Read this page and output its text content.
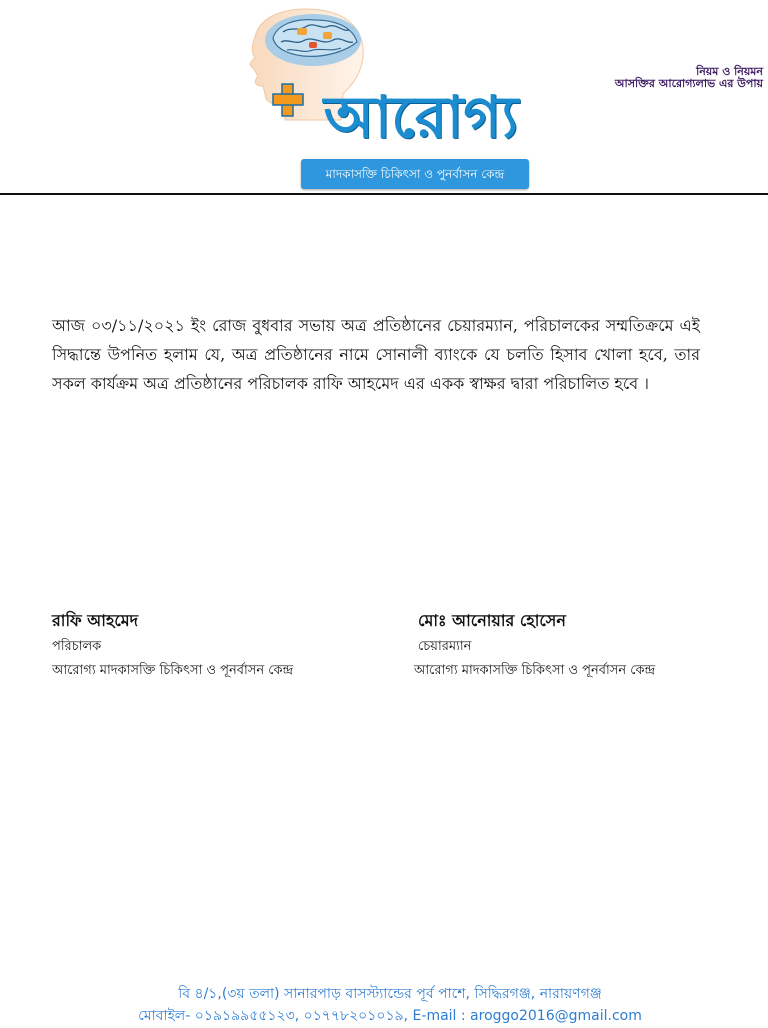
নিয়ম ও নিয়মন
আসক্তির আরোগ্যলাভ এর উপায়
আরোগ্য
মাদকাসক্তি চিকিৎসা ও পুনর্বাসন কেন্দ্র
আজ ০৩/১১/২০২১ ইং রোজ বুধবার সভায় অত্র প্রতিষ্ঠানের চেয়ারম্যান, পরিচালকের সম্মতিক্রমে এই সিদ্ধান্তে উপনিত হলাম যে, অত্র প্রতিষ্ঠানের নামে সোনালী ব্যাংকে যে চলতি হিসাব খোলা হবে, তার সকল কার্যক্রম অত্র প্রতিষ্ঠানের পরিচালক রাফি আহমেদ এর একক স্বাক্ষর দ্বারা পরিচালিত হবে ।
রাফি আহমেদ
পরিচালক
আরোগ্য মাদকাসক্তি চিকিৎসা ও পূনর্বাসন কেন্দ্র
মোঃ আনোয়ার হোসেন
চেয়ারম্যান
আরোগ্য মাদকাসক্তি চিকিৎসা ও পূনর্বাসন কেন্দ্র
বি ৪/১,(৩য় তলা) সানারপাড় বাসস্ট্যান্ডের পূর্ব পাশে, সিদ্ধিরগঞ্জ, নারায়ণগঞ্জ
মোবাইল- ০১৯১৯৯৫৫১২৩, ০১৭৭৮২০১০১৯, E-mail : aroggo2016@gmail.com
